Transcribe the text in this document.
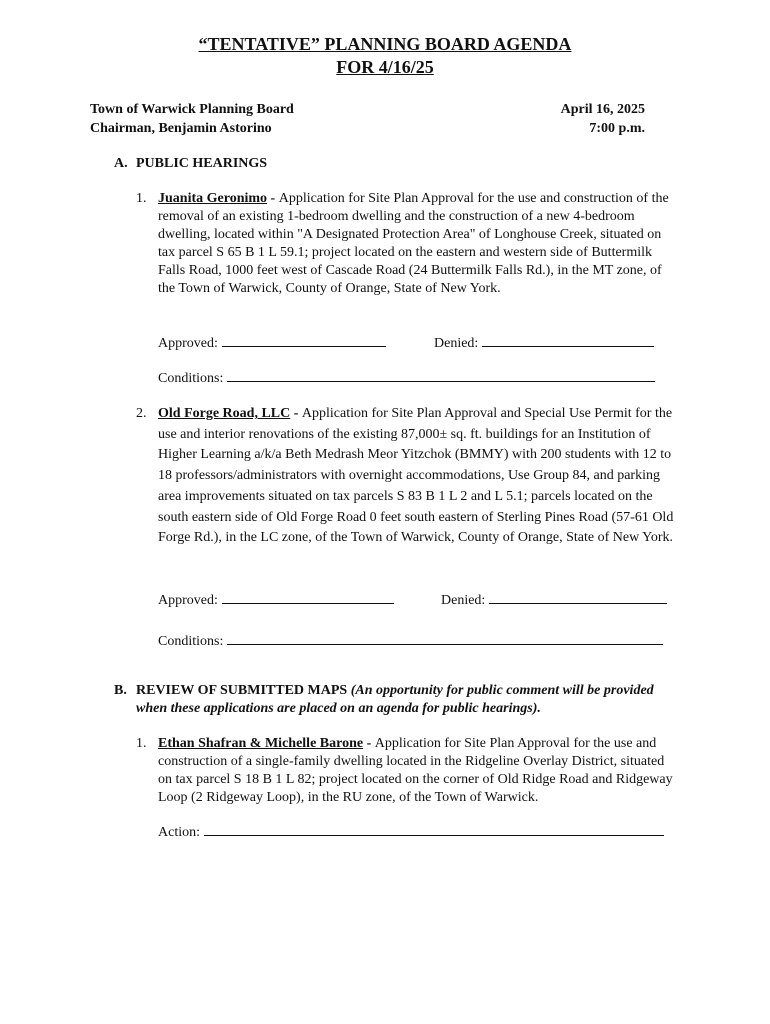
“TENTATIVE” PLANNING BOARD AGENDA
FOR 4/16/25
Town of Warwick Planning Board
Chairman, Benjamin Astorino
April 16, 2025
7:00 p.m.
A. PUBLIC HEARINGS
1. Juanita Geronimo - Application for Site Plan Approval for the use and construction of the removal of an existing 1-bedroom dwelling and the construction of a new 4-bedroom dwelling, located within "A Designated Protection Area" of Longhouse Creek, situated on tax parcel S 65 B 1 L 59.1; project located on the eastern and western side of Buttermilk Falls Road, 1000 feet west of Cascade Road (24 Buttermilk Falls Rd.), in the MT zone, of the Town of Warwick, County of Orange, State of New York.
Approved:	Denied:
Conditions:
2. Old Forge Road, LLC - Application for Site Plan Approval and Special Use Permit for the use and interior renovations of the existing 87,000± sq. ft. buildings for an Institution of Higher Learning a/k/a Beth Medrash Meor Yitzchok (BMMY) with 200 students with 12 to 18 professors/administrators with overnight accommodations, Use Group 84, and parking area improvements situated on tax parcels S 83 B 1 L 2 and L 5.1; parcels located on the south eastern side of Old Forge Road 0 feet south eastern of Sterling Pines Road (57-61 Old Forge Rd.), in the LC zone, of the Town of Warwick, County of Orange, State of New York.
Approved:	Denied:
Conditions:
B. REVIEW OF SUBMITTED MAPS (An opportunity for public comment will be provided when these applications are placed on an agenda for public hearings).
1. Ethan Shafran & Michelle Barone - Application for Site Plan Approval for the use and construction of a single-family dwelling located in the Ridgeline Overlay District, situated on tax parcel S 18 B 1 L 82; project located on the corner of Old Ridge Road and Ridgeway Loop (2 Ridgeway Loop), in the RU zone, of the Town of Warwick.
Action:
